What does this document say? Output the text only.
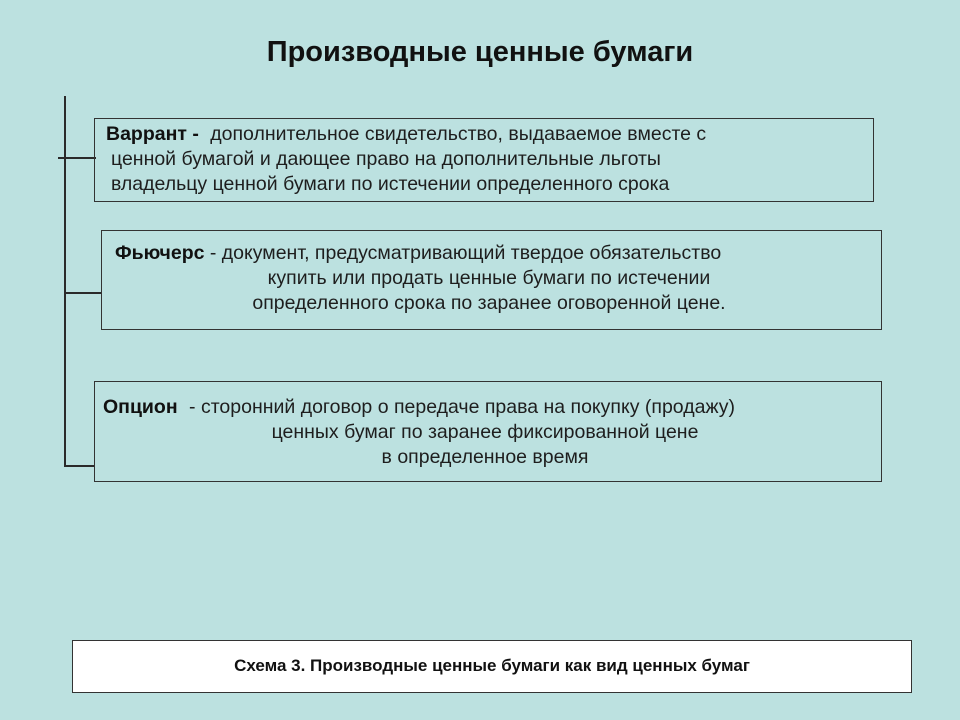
Производные ценные бумаги
Варрант - дополнительное свидетельство, выдаваемое вместе с
ценной бумагой и дающее право на дополнительные льготы
владельцу ценной бумаги по истечении определенного срока
Фьючерс - документ, предусматривающий твердое обязательство
купить или продать ценные бумаги по истечении
определенного срока по заранее оговоренной цене.
Опцион - сторонний договор о передаче права на покупку (продажу)
ценных бумаг по заранее фиксированной цене
в определенное время
Схема 3. Производные ценные бумаги как вид ценных бумаг
